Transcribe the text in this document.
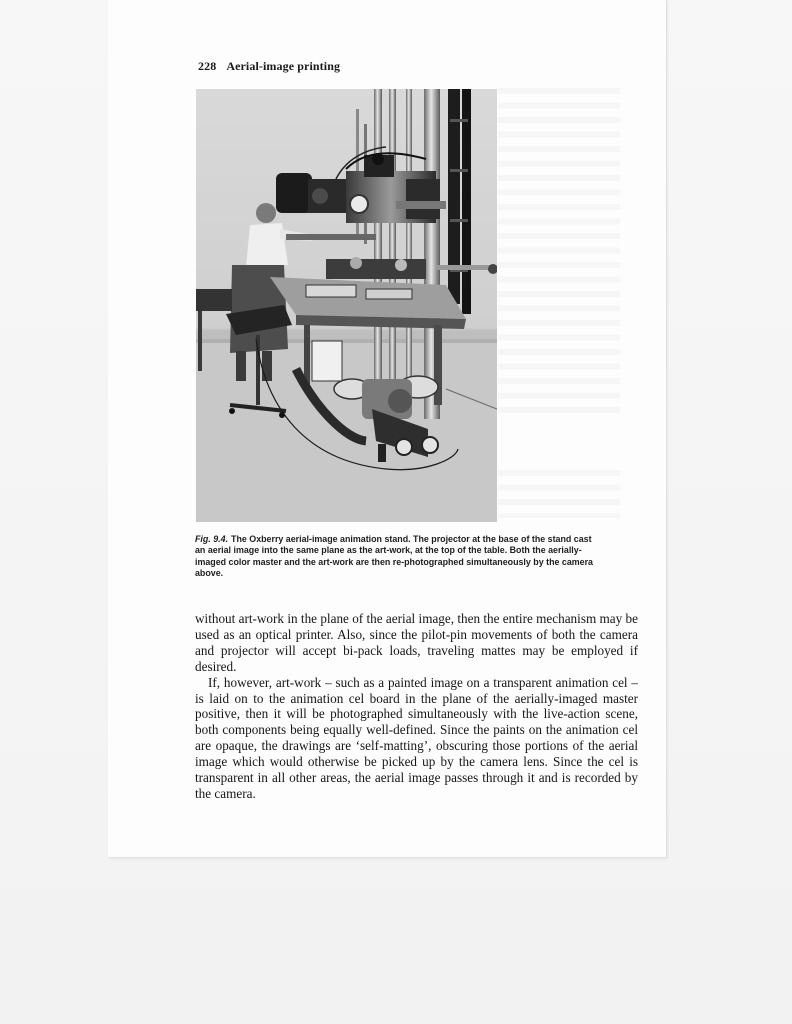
228 Aerial-image printing
Fig. 9.4. The Oxberry aerial-image animation stand. The projector at the base of the stand cast an aerial image into the same plane as the art-work, at the top of the table. Both the aerially-imaged color master and the art-work are then re-photographed simultaneously by the camera above.

without art-work in the plane of the aerial image, then the entire mechanism may be used as an optical printer. Also, since the pilot-pin movements of both the camera and projector will accept bi-pack loads, traveling mattes may be employed if desired.

If, however, art-work – such as a painted image on a transparent animation cel – is laid on to the animation cel board in the plane of the aerially-imaged master positive, then it will be photographed simultaneously with the live-action scene, both components being equally well-defined. Since the paints on the animation cel are opaque, the drawings are ‘self-matting’, obscuring those portions of the aerial image which would otherwise be picked up by the camera lens. Since the cel is transparent in all other areas, the aerial image passes through it and is recorded by the camera.
